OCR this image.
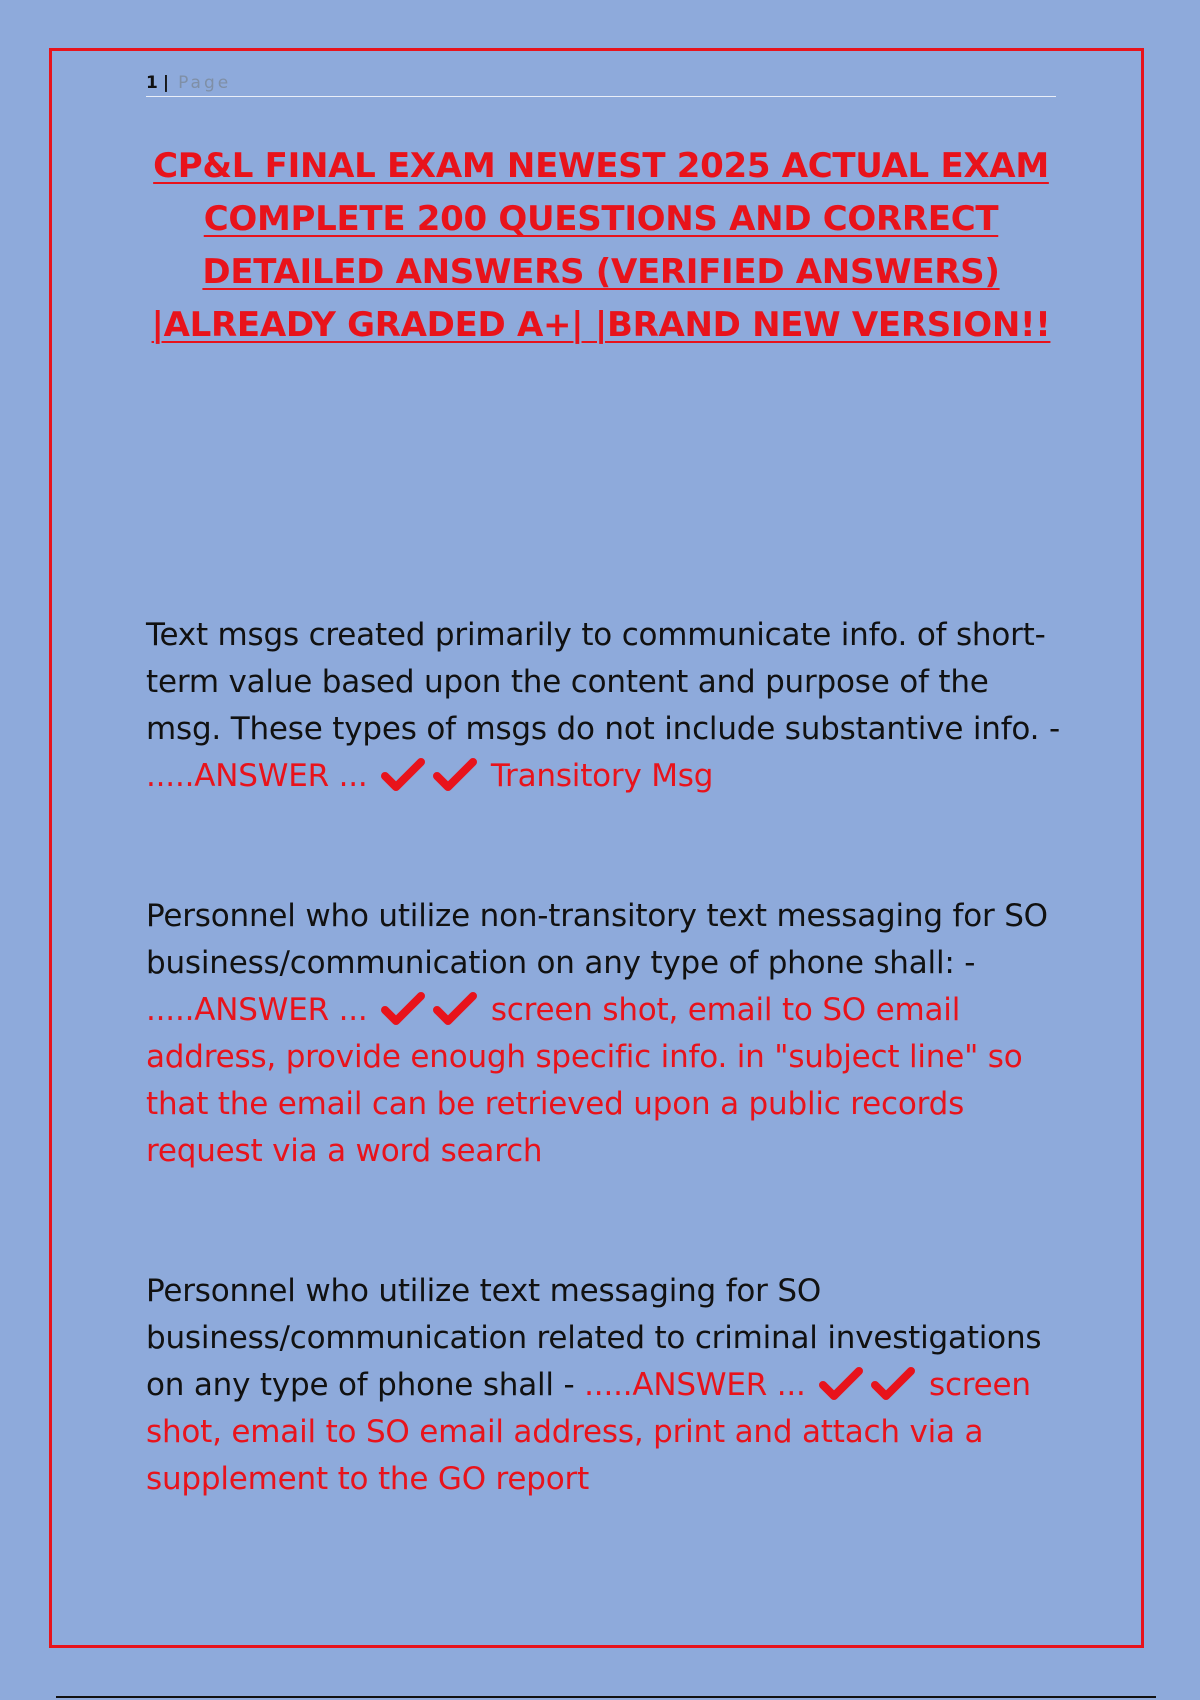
1 | Page
CP&L FINAL EXAM NEWEST 2025 ACTUAL EXAM COMPLETE 200 QUESTIONS AND CORRECT DETAILED ANSWERS (VERIFIED ANSWERS) |ALREADY GRADED A+| |BRAND NEW VERSION!!

Text msgs created primarily to communicate info. of short-term value based upon the content and purpose of the msg. These types of msgs do not include substantive info. - .....ANSWER ...	Transitory Msg

Personnel who utilize non-transitory text messaging for SO business/communication on any type of phone shall: - .....ANSWER ...	screen shot, email to SO email address, provide enough specific info. in "subject line" so that the email can be retrieved upon a public records request via a word search

Personnel who utilize text messaging for SO business/communication related to criminal investigations on any type of phone shall - .....ANSWER ...	screen shot, email to SO email address, print and attach via a supplement to the GO report
